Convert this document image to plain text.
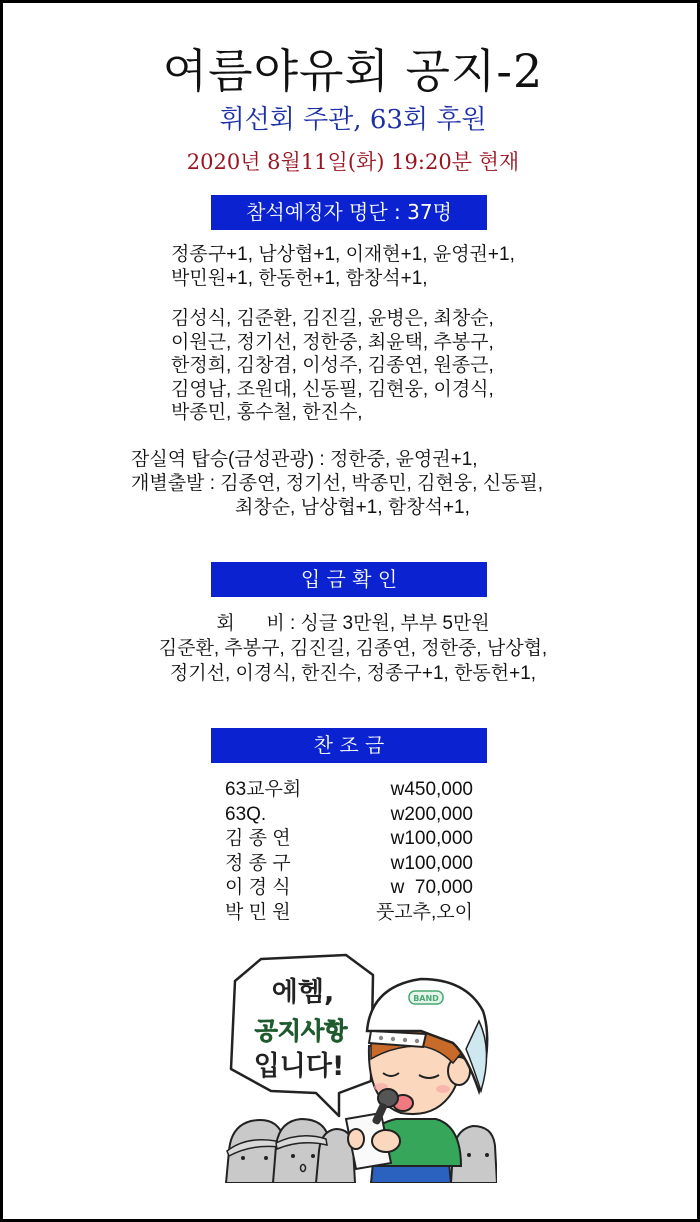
여름야유회 공지-2
휘선회 주관, 63회 후원
2020년 8월11일(화) 19:20분 현재
참석예정자 명단 : 37명
정종구+1, 남상협+1, 이재현+1, 윤영권+1,
박민원+1, 한동헌+1, 함창석+1,
김성식, 김준환, 김진길, 윤병은, 최창순,
이원근, 정기선, 정한중, 최윤택, 추봉구,
한정희, 김창겸, 이성주, 김종연, 원종근,
김영남, 조원대, 신동필, 김현웅, 이경식,
박종민, 홍수철, 한진수,
잠실역 탑승(금성관광) : 정한중, 윤영권+1,
개별출발 : 김종연, 정기선, 박종민, 김현웅, 신동필,
최창순, 남상협+1, 함창석+1,
입 금 확 인
회      비 : 싱글 3만원, 부부 5만원
김준환, 추봉구, 김진길, 김종연, 정한중, 남상협,
정기선, 이경식, 한진수, 정종구+1, 한동헌+1,
찬 조 금
63교우회	w450,000
63Q.	w200,000
김 종 연	w100,000
정 종 구	w100,000
이 경 식	w  70,000
박 민 원	풋고추,오이
에헴,
공지사항
입니다!
BAND
